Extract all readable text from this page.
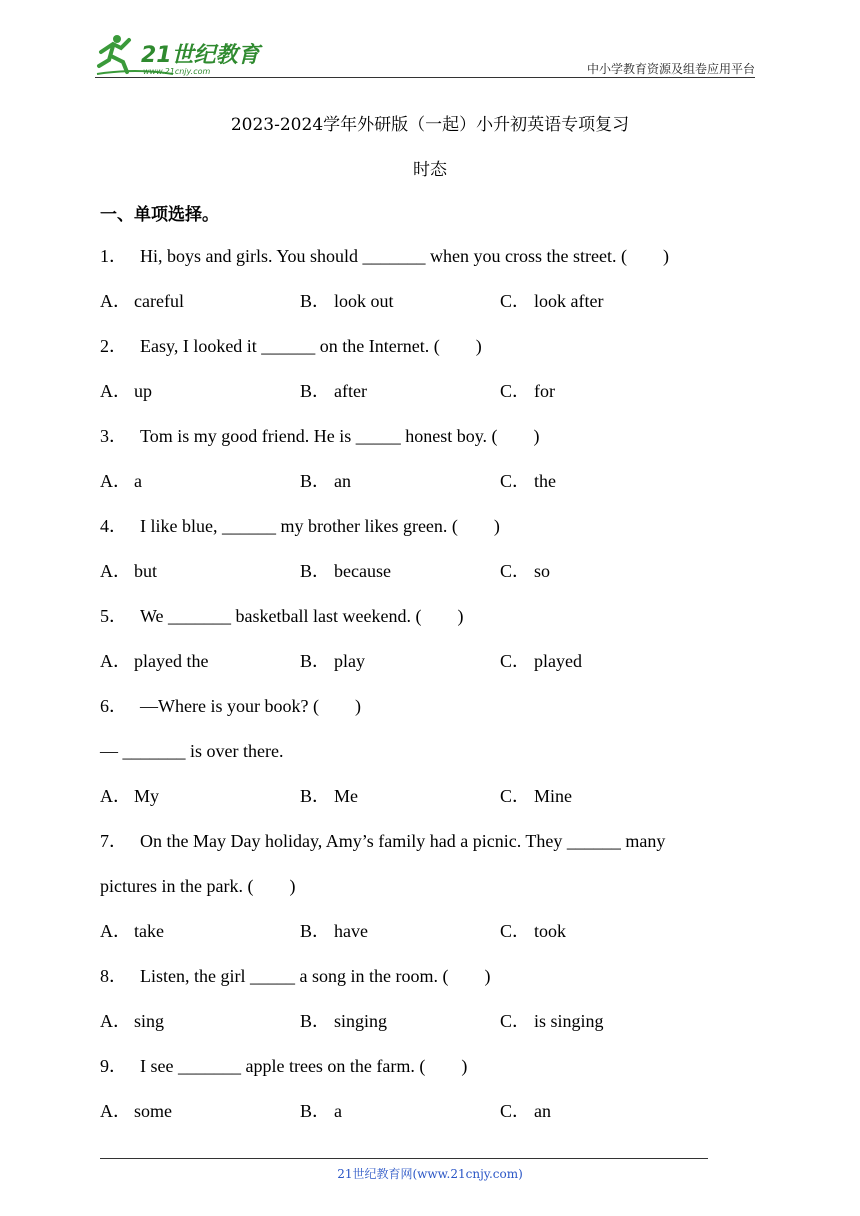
21世纪教育
www.21cnjy.com	中小学教育资源及组卷应用平台
2023-2024学年外研版（一起）小升初英语专项复习
时态
一、单项选择。
1． Hi, boys and girls. You should _______ when you cross the street. (　　)
A． careful	B． look out	C． look after
2． Easy, I looked it ______ on the Internet. (　　)
A． up	B． after	C． for
3． Tom is my good friend. He is _____ honest boy. (　　)
A． a	B． an	C． the
4． I like blue, ______ my brother likes green. (　　)
A． but	B． because	C． so
5． We _______ basketball last weekend. (　　)
A． played the	B． play	C． played
6． —Where is your book? (　　)
— _______ is over there.
A． My	B． Me	C． Mine
7． On the May Day holiday, Amy’s family had a picnic. They ______ many
pictures in the park. (　　)
A． take	B． have	C． took
8． Listen, the girl _____ a song in the room. (　　)
A． sing	B． singing	C． is singing
9． I see _______ apple trees on the farm. (　　)
A． some	B． a	C． an
21世纪教育网(www.21cnjy.com)
